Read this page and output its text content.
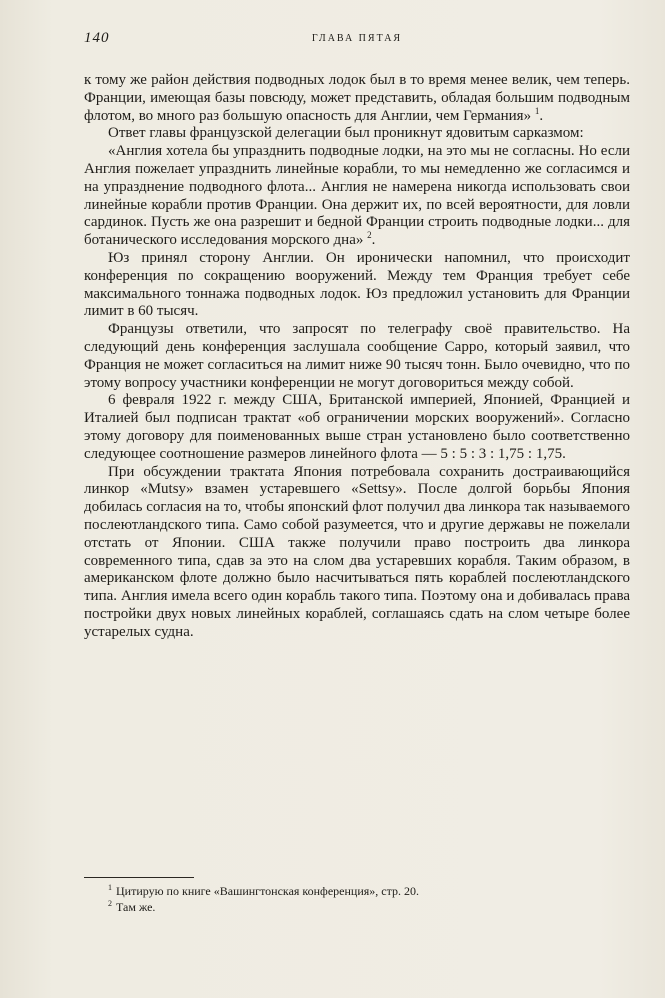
140	ГЛАВА ПЯТАЯ

к тому же район действия подводных лодок был в то время менее велик, чем теперь. Франции, имеющая базы повсюду, может представить, обладая большим подводным флотом, во много раз большую опасность для Англии, чем Германия» $^1$.

Ответ главы французской делегации был проникнут ядовитым сарказмом:

«Англия хотела бы упразднить подводные лодки, на это мы не согласны. Но если Англия пожелает упразднить линейные корабли, то мы немедленно же согласимся и на упразднение подводного флота... Англия не намерена никогда использовать свои линейные корабли против Франции. Она держит их, по всей вероятности, для ловли сардинок. Пусть же она разрешит и бедной Франции строить подводные лодки... для ботанического исследования морского дна» $^2$.

Юз принял сторону Англии. Он иронически напомнил, что происходит конференция по сокращению вооружений. Между тем Франция требует себе максимального тоннажа подводных лодок. Юз предложил установить для Франции лимит в 60 тысяч.

Французы ответили, что запросят по телеграфу своё правительство. На следующий день конференция заслушала сообщение Сарро, который заявил, что Франция не может согласиться на лимит ниже 90 тысяч тонн. Было очевидно, что по этому вопросу участники конференции не могут договориться между собой.

6 февраля 1922 г. между США, Британской империей, Японией, Францией и Италией был подписан трактат «об ограничении морских вооружений». Согласно этому договору для поименованных выше стран установлено было соответственно следующее соотношение размеров линейного флота — 5 : 5 : 3 : 1,75 : 1,75.

При обсуждении трактата Япония потребовала сохранить достраивающийся линкор «Mutsy» взамен устаревшего «Settsy». После долгой борьбы Япония добилась согласия на то, чтобы японский флот получил два линкора так называемого послеютландского типа. Само собой разумеется, что и другие державы не пожелали отстать от Японии. США также получили право построить два линкора современного типа, сдав за это на слом два устаревших корабля. Таким образом, в американском флоте должно было насчитываться пять кораблей послеютландского типа. Англия имела всего один корабль такого типа. Поэтому она и добивалась права постройки двух новых линейных кораблей, соглашаясь сдать на слом четыре более устарелых судна.

$^1$ Цитирую по книге «Вашингтонская конференция», стр. 20.

$^2$ Там же.
